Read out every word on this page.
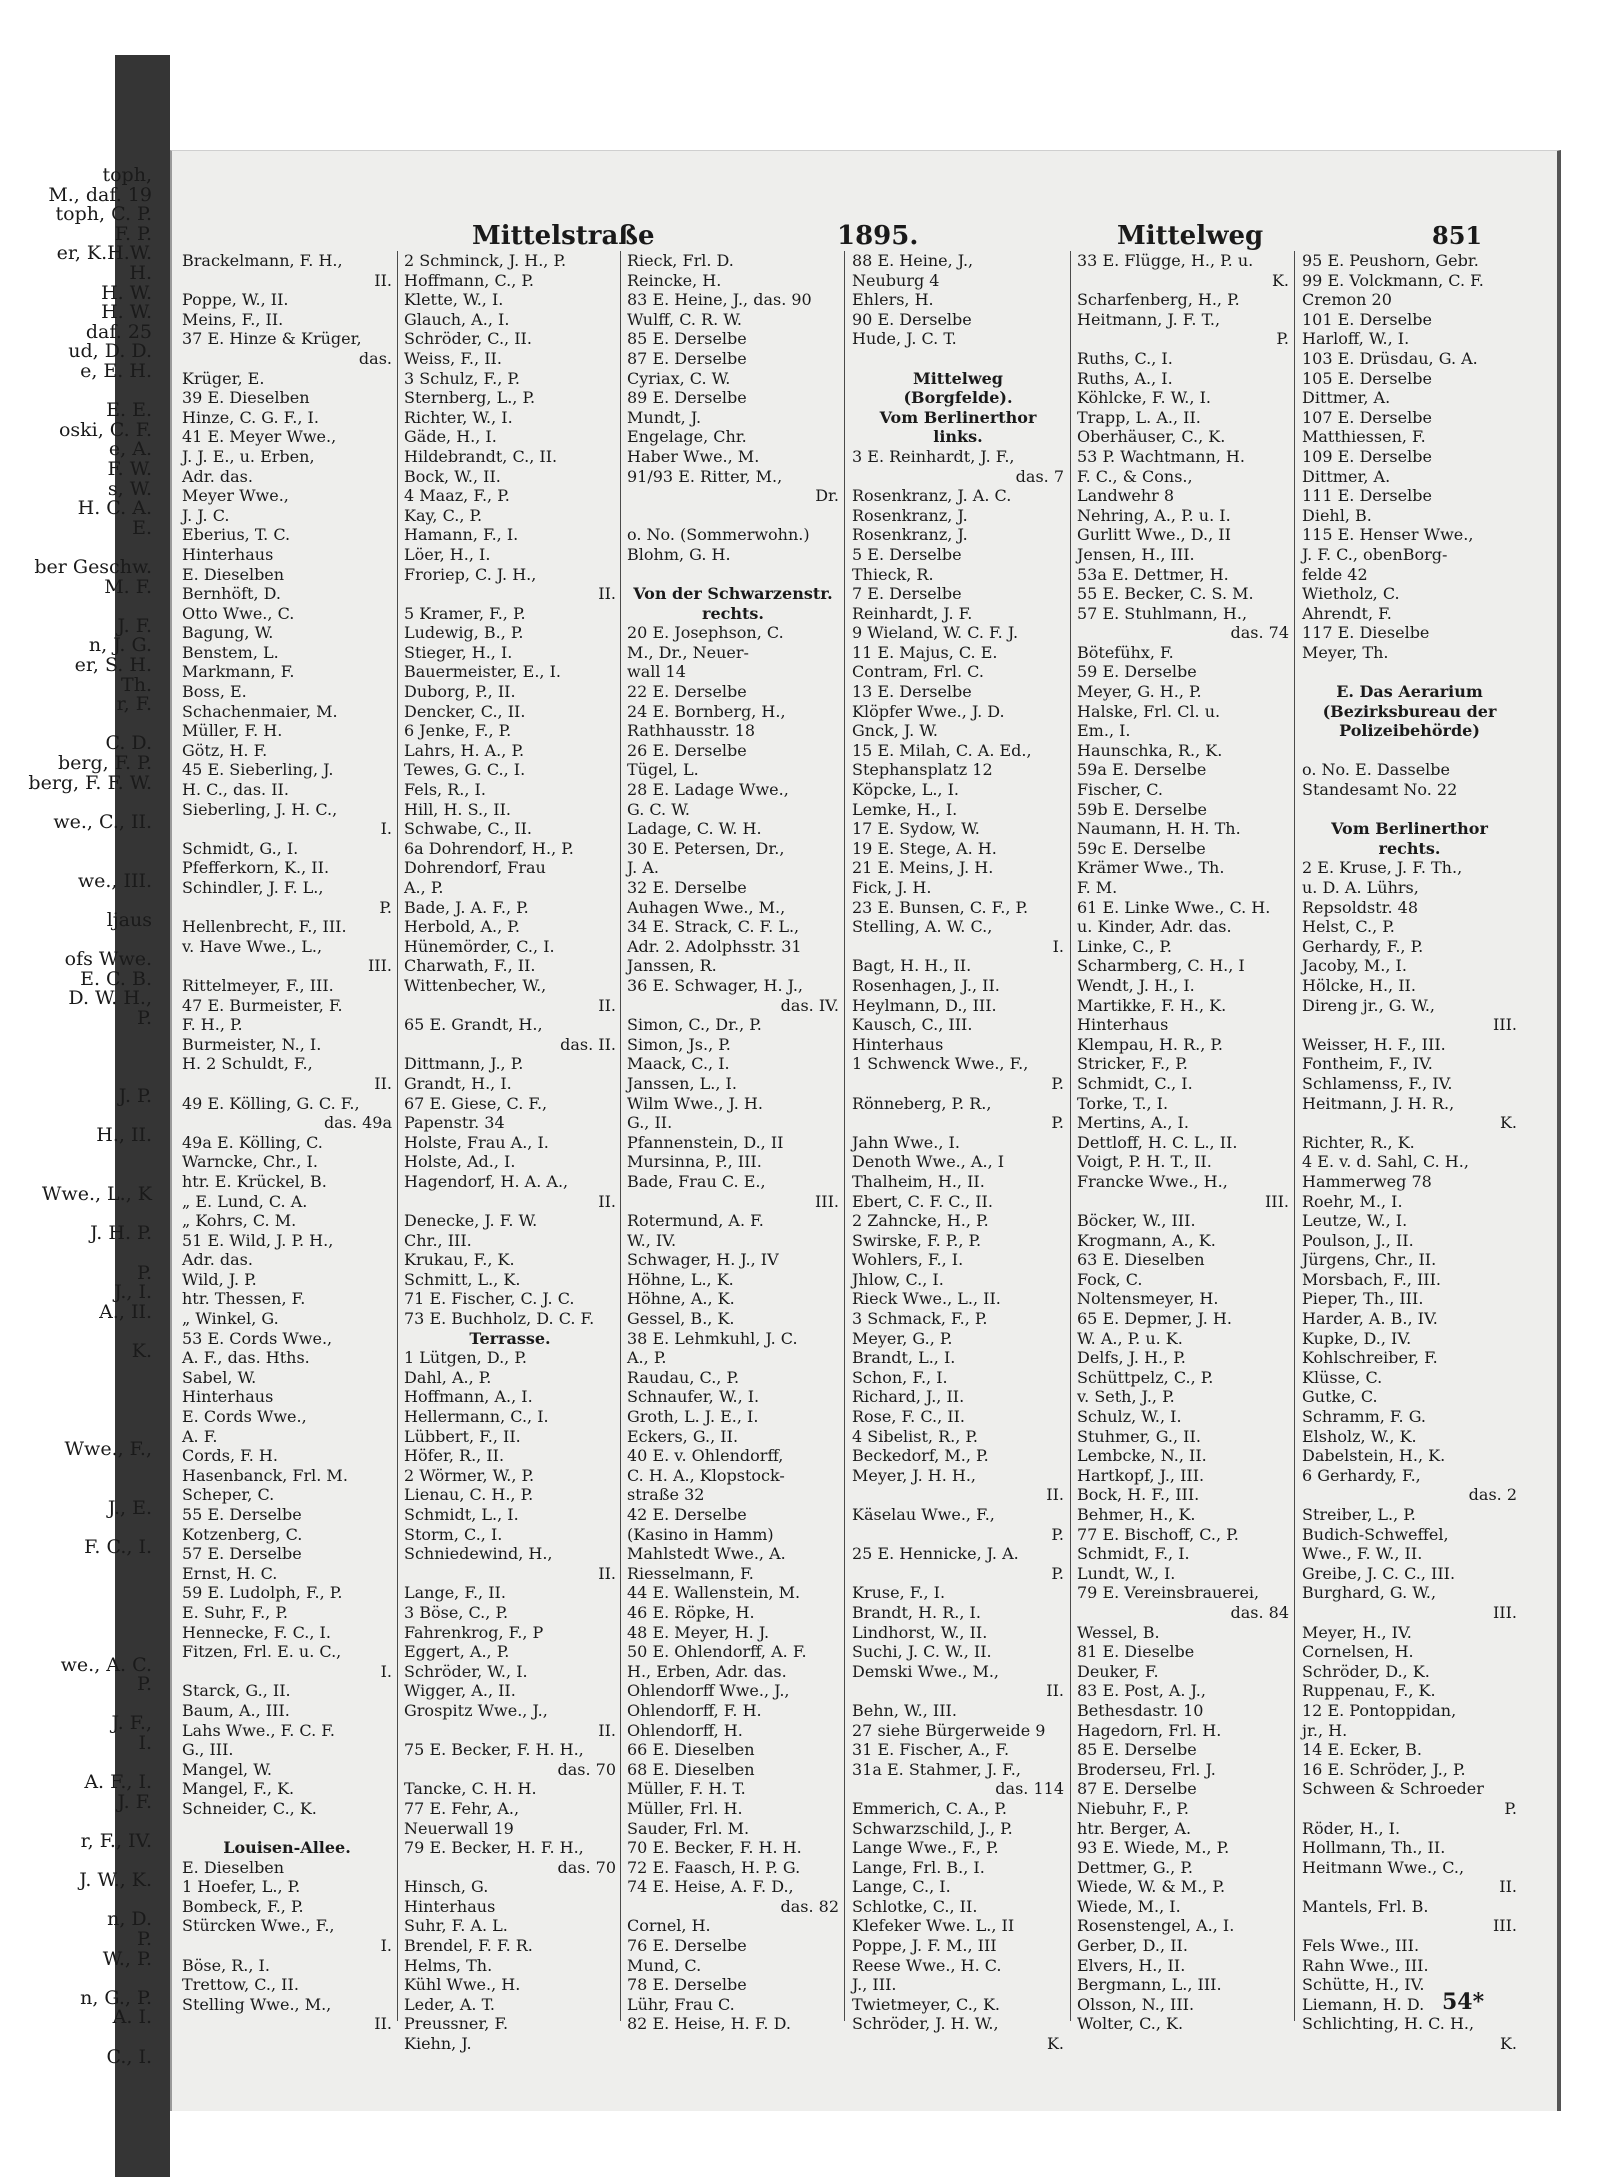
toph,
M., daf. 19
toph, C. P.
F. P.
er, K.H.W.
H.
H. W.
H. W.
daf. 25
ud, D. D.
e, E. H.
E. E.
oski, C. F.
e, A.
F. W.
s, W.
H. C. A.
E.
ber Geschw.
M. F.
J. F.
n, J. G.
er, S. H.
Th.
r, F.
C. D.
berg, F. P.
berg, F. F. W.
we., C., II.
we., III.
ljaus
ofs Wwe.
E. C. B.
D. W. H.,
P.
J. P.
H., II.
Wwe., L., K
J. H. P.
P.
J., I.
A., II.
K.
Wwe., F.,
J., E.
F. C., I.
we., A. C.
P.
J. F.,
I.
A. F., I.
J. F.
r, F., IV.
J. W., K.
n, D.
P.
W., P.
n, G., P.
A. I.
C., I.
Mittelstraße	1895.	Mittelweg	851
Brackelmann, F. H.,
II.
Poppe, W., II.
Meins, F., II.
37 E. Hinze & Krüger,
das.
Krüger, E.
39 E. Dieselben
Hinze, C. G. F., I.
41 E. Meyer Wwe.,
J. J. E., u. Erben,
Adr. das.
Meyer Wwe.,
J. J. C.
Eberius, T. C.
Hinterhaus
E. Dieselben
Bernhöft, D.
Otto Wwe., C.
Bagung, W.
Benstem, L.
Markmann, F.
Boss, E.
Schachenmaier, M.
Müller, F. H.
Götz, H. F.
45 E. Sieberling, J.
H. C., das. II.
Sieberling, J. H. C.,
I.
Schmidt, G., I.
Pfefferkorn, K., II.
Schindler, J. F. L.,
P.
Hellenbrecht, F., III.
v. Have Wwe., L.,
III.
Rittelmeyer, F., III.
47 E. Burmeister, F.
F. H., P.
Burmeister, N., I.
H. 2 Schuldt, F.,
II.
49 E. Kölling, G. C. F.,
das. 49a
49a E. Kölling, C.
Warncke, Chr., I.
htr. E. Krückel, B.
„ E. Lund, C. A.
„ Kohrs, C. M.
51 E. Wild, J. P. H.,
Adr. das.
Wild, J. P.
htr. Thessen, F.
„ Winkel, G.
53 E. Cords Wwe.,
A. F., das. Hths.
Sabel, W.
Hinterhaus
E. Cords Wwe.,
A. F.
Cords, F. H.
Hasenbanck, Frl. M.
Scheper, C.
55 E. Derselbe
Kotzenberg, C.
57 E. Derselbe
Ernst, H. C.
59 E. Ludolph, F., P.
E. Suhr, F., P.
Hennecke, F. C., I.
Fitzen, Frl. E. u. C.,
I.
Starck, G., II.
Baum, A., III.
Lahs Wwe., F. C. F.
G., III.
Mangel, W.
Mangel, F., K.
Schneider, C., K.
Louisen-Allee.
E. Dieselben
1 Hoefer, L., P.
Bombeck, F., P.
Stürcken Wwe., F.,
I.
Böse, R., I.
Trettow, C., II.
Stelling Wwe., M.,
II.
2 Schminck, J. H., P.
Hoffmann, C., P.
Klette, W., I.
Glauch, A., I.
Schröder, C., II.
Weiss, F., II.
3 Schulz, F., P.
Sternberg, L., P.
Richter, W., I.
Gäde, H., I.
Hildebrandt, C., II.
Bock, W., II.
4 Maaz, F., P.
Kay, C., P.
Hamann, F., I.
Löer, H., I.
Froriep, C. J. H.,
II.
5 Kramer, F., P.
Ludewig, B., P.
Stieger, H., I.
Bauermeister, E., I.
Duborg, P., II.
Dencker, C., II.
6 Jenke, F., P.
Lahrs, H. A., P.
Tewes, G. C., I.
Fels, R., I.
Hill, H. S., II.
Schwabe, C., II.
6a Dohrendorf, H., P.
Dohrendorf, Frau
A., P.
Bade, J. A. F., P.
Herbold, A., P.
Hünemörder, C., I.
Charwath, F., II.
Wittenbecher, W.,
II.
65 E. Grandt, H.,
das. II.
Dittmann, J., P.
Grandt, H., I.
67 E. Giese, C. F.,
Papenstr. 34
Holste, Frau A., I.
Holste, Ad., I.
Hagendorf, H. A. A.,
II.
Denecke, J. F. W.
Chr., III.
Krukau, F., K.
Schmitt, L., K.
71 E. Fischer, C. J. C.
73 E. Buchholz, D. C. F.
Terrasse.
1 Lütgen, D., P.
Dahl, A., P.
Hoffmann, A., I.
Hellermann, C., I.
Lübbert, F., II.
Höfer, R., II.
2 Wörmer, W., P.
Lienau, C. H., P.
Schmidt, L., I.
Storm, C., I.
Schniedewind, H.,
II.
Lange, F., II.
3 Böse, C., P.
Fahrenkrog, F., P
Eggert, A., P.
Schröder, W., I.
Wigger, A., II.
Grospitz Wwe., J.,
II.
75 E. Becker, F. H. H.,
das. 70
Tancke, C. H. H.
77 E. Fehr, A.,
Neuerwall 19
79 E. Becker, H. F. H.,
das. 70
Hinsch, G.
Hinterhaus
Suhr, F. A. L.
Brendel, F. F. R.
Helms, Th.
Kühl Wwe., H.
Leder, A. T.
Preussner, F.
Kiehn, J.
Rieck, Frl. D.
Reincke, H.
83 E. Heine, J., das. 90
Wulff, C. R. W.
85 E. Derselbe
87 E. Derselbe
Cyriax, C. W.
89 E. Derselbe
Mundt, J.
Engelage, Chr.
Haber Wwe., M.
91/93 E. Ritter, M.,
Dr.
o. No. (Sommerwohn.)
Blohm, G. H.
Von der Schwarzenstr.
rechts.
20 E. Josephson, C.
M., Dr., Neuer-
wall 14
22 E. Derselbe
24 E. Bornberg, H.,
Rathhausstr. 18
26 E. Derselbe
Tügel, L.
28 E. Ladage Wwe.,
G. C. W.
Ladage, C. W. H.
30 E. Petersen, Dr.,
J. A.
32 E. Derselbe
Auhagen Wwe., M.,
34 E. Strack, C. F. L.,
Adr. 2. Adolphsstr. 31
Janssen, R.
36 E. Schwager, H. J.,
das. IV.
Simon, C., Dr., P.
Simon, Js., P.
Maack, C., I.
Janssen, L., I.
Wilm Wwe., J. H.
G., II.
Pfannenstein, D., II
Mursinna, P., III.
Bade, Frau C. E.,
III.
Rotermund, A. F.
W., IV.
Schwager, H. J., IV
Höhne, L., K.
Höhne, A., K.
Gessel, B., K.
38 E. Lehmkuhl, J. C.
A., P.
Raudau, C., P.
Schnaufer, W., I.
Groth, L. J. E., I.
Eckers, G., II.
40 E. v. Ohlendorff,
C. H. A., Klopstock-
straße 32
42 E. Derselbe
(Kasino in Hamm)
Mahlstedt Wwe., A.
Riesselmann, F.
44 E. Wallenstein, M.
46 E. Röpke, H.
48 E. Meyer, H. J.
50 E. Ohlendorff, A. F.
H., Erben, Adr. das.
Ohlendorff Wwe., J.,
Ohlendorff, F. H.
Ohlendorff, H.
66 E. Dieselben
68 E. Dieselben
Müller, F. H. T.
Müller, Frl. H.
Sauder, Frl. M.
70 E. Becker, F. H. H.
72 E. Faasch, H. P. G.
74 E. Heise, A. F. D.,
das. 82
Cornel, H.
76 E. Derselbe
Mund, C.
78 E. Derselbe
Lühr, Frau C.
82 E. Heise, H. F. D.
88 E. Heine, J.,
Neuburg 4
Ehlers, H.
90 E. Derselbe
Hude, J. C. T.
Mittelweg
(Borgfelde).
Vom Berlinerthor
links.
3 E. Reinhardt, J. F.,
das. 7
Rosenkranz, J. A. C.
Rosenkranz, J.
Rosenkranz, J.
5 E. Derselbe
Thieck, R.
7 E. Derselbe
Reinhardt, J. F.
9 Wieland, W. C. F. J.
11 E. Majus, C. E.
Contram, Frl. C.
13 E. Derselbe
Klöpfer Wwe., J. D.
Gnck, J. W.
15 E. Milah, C. A. Ed.,
Stephansplatz 12
Köpcke, L., I.
Lemke, H., I.
17 E. Sydow, W.
19 E. Stege, A. H.
21 E. Meins, J. H.
Fick, J. H.
23 E. Bunsen, C. F., P.
Stelling, A. W. C.,
I.
Bagt, H. H., II.
Rosenhagen, J., II.
Heylmann, D., III.
Kausch, C., III.
Hinterhaus
1 Schwenck Wwe., F.,
P.
Rönneberg, P. R.,
P.
Jahn Wwe., I.
Denoth Wwe., A., I
Thalheim, H., II.
Ebert, C. F. C., II.
2 Zahncke, H., P.
Swirske, F. P., P.
Wohlers, F., I.
Jhlow, C., I.
Rieck Wwe., L., II.
3 Schmack, F., P.
Meyer, G., P.
Brandt, L., I.
Schon, F., I.
Richard, J., II.
Rose, F. C., II.
4 Sibelist, R., P.
Beckedorf, M., P.
Meyer, J. H. H.,
II.
Käselau Wwe., F.,
P.
25 E. Hennicke, J. A.
P.
Kruse, F., I.
Brandt, H. R., I.
Lindhorst, W., II.
Suchi, J. C. W., II.
Demski Wwe., M.,
II.
Behn, W., III.
27 siehe Bürgerweide 9
31 E. Fischer, A., F.
31a E. Stahmer, J. F.,
das. 114
Emmerich, C. A., P.
Schwarzschild, J., P.
Lange Wwe., F., P.
Lange, Frl. B., I.
Lange, C., I.
Schlotke, C., II.
Klefeker Wwe. L., II
Poppe, J. F. M., III
Reese Wwe., H. C.
J., III.
Twietmeyer, C., K.
Schröder, J. H. W.,
K.
33 E. Flügge, H., P. u.
K.
Scharfenberg, H., P.
Heitmann, J. F. T.,
P.
Ruths, C., I.
Ruths, A., I.
Köhlcke, F. W., I.
Trapp, L. A., II.
Oberhäuser, C., K.
53 P. Wachtmann, H.
F. C., & Cons.,
Landwehr 8
Nehring, A., P. u. I.
Gurlitt Wwe., D., II
Jensen, H., III.
53a E. Dettmer, H.
55 E. Becker, C. S. M.
57 E. Stuhlmann, H.,
das. 74
Bötefühx, F.
59 E. Derselbe
Meyer, G. H., P.
Halske, Frl. Cl. u.
Em., I.
Haunschka, R., K.
59a E. Derselbe
Fischer, C.
59b E. Derselbe
Naumann, H. H. Th.
59c E. Derselbe
Krämer Wwe., Th.
F. M.
61 E. Linke Wwe., C. H.
u. Kinder, Adr. das.
Linke, C., P.
Scharmberg, C. H., I
Wendt, J. H., I.
Martikke, F. H., K.
Hinterhaus
Klempau, H. R., P.
Stricker, F., P.
Schmidt, C., I.
Torke, T., I.
Mertins, A., I.
Dettloff, H. C. L., II.
Voigt, P. H. T., II.
Francke Wwe., H.,
III.
Böcker, W., III.
Krogmann, A., K.
63 E. Dieselben
Fock, C.
Noltensmeyer, H.
65 E. Depmer, J. H.
W. A., P. u. K.
Delfs, J. H., P.
Schüttpelz, C., P.
v. Seth, J., P.
Schulz, W., I.
Stuhmer, G., II.
Lembcke, N., II.
Hartkopf, J., III.
Bock, H. F., III.
Behmer, H., K.
77 E. Bischoff, C., P.
Schmidt, F., I.
Lundt, W., I.
79 E. Vereinsbrauerei,
das. 84
Wessel, B.
81 E. Dieselbe
Deuker, F.
83 E. Post, A. J.,
Bethesdastr. 10
Hagedorn, Frl. H.
85 E. Derselbe
Broderseu, Frl. J.
87 E. Derselbe
Niebuhr, F., P.
htr. Berger, A.
93 E. Wiede, M., P.
Dettmer, G., P.
Wiede, W. & M., P.
Wiede, M., I.
Rosenstengel, A., I.
Gerber, D., II.
Elvers, H., II.
Bergmann, L., III.
Olsson, N., III.
Wolter, C., K.
95 E. Peushorn, Gebr.
99 E. Volckmann, C. F.
Cremon 20
101 E. Derselbe
Harloff, W., I.
103 E. Drüsdau, G. A.
105 E. Derselbe
Dittmer, A.
107 E. Derselbe
Matthiessen, F.
109 E. Derselbe
Dittmer, A.
111 E. Derselbe
Diehl, B.
115 E. Henser Wwe.,
J. F. C., obenBorg-
felde 42
Wietholz, C.
Ahrendt, F.
117 E. Dieselbe
Meyer, Th.
E. Das Aerarium
(Bezirksbureau der
Polizeibehörde)
o. No. E. Dasselbe
Standesamt No. 22
Vom Berlinerthor
rechts.
2 E. Kruse, J. F. Th.,
u. D. A. Lührs,
Repsoldstr. 48
Helst, C., P.
Gerhardy, F., P.
Jacoby, M., I.
Hölcke, H., II.
Direng jr., G. W.,
III.
Weisser, H. F., III.
Fontheim, F., IV.
Schlamenss, F., IV.
Heitmann, J. H. R.,
K.
Richter, R., K.
4 E. v. d. Sahl, C. H.,
Hammerweg 78
Roehr, M., I.
Leutze, W., I.
Poulson, J., II.
Jürgens, Chr., II.
Morsbach, F., III.
Pieper, Th., III.
Harder, A. B., IV.
Kupke, D., IV.
Kohlschreiber, F.
Klüsse, C.
Gutke, C.
Schramm, F. G.
Elsholz, W., K.
Dabelstein, H., K.
6 Gerhardy, F.,
das. 2
Streiber, L., P.
Budich-Schweffel,
Wwe., F. W., II.
Greibe, J. C. C., III.
Burghard, G. W.,
III.
Meyer, H., IV.
Cornelsen, H.
Schröder, D., K.
Ruppenau, F., K.
12 E. Pontoppidan,
jr., H.
14 E. Ecker, B.
16 E. Schröder, J., P.
Schween & Schroeder
P.
Röder, H., I.
Hollmann, Th., II.
Heitmann Wwe., C.,
II.
Mantels, Frl. B.
III.
Fels Wwe., III.
Rahn Wwe., III.
Schütte, H., IV.
Liemann, H. D.
Schlichting, H. C. H.,
K.
54*
